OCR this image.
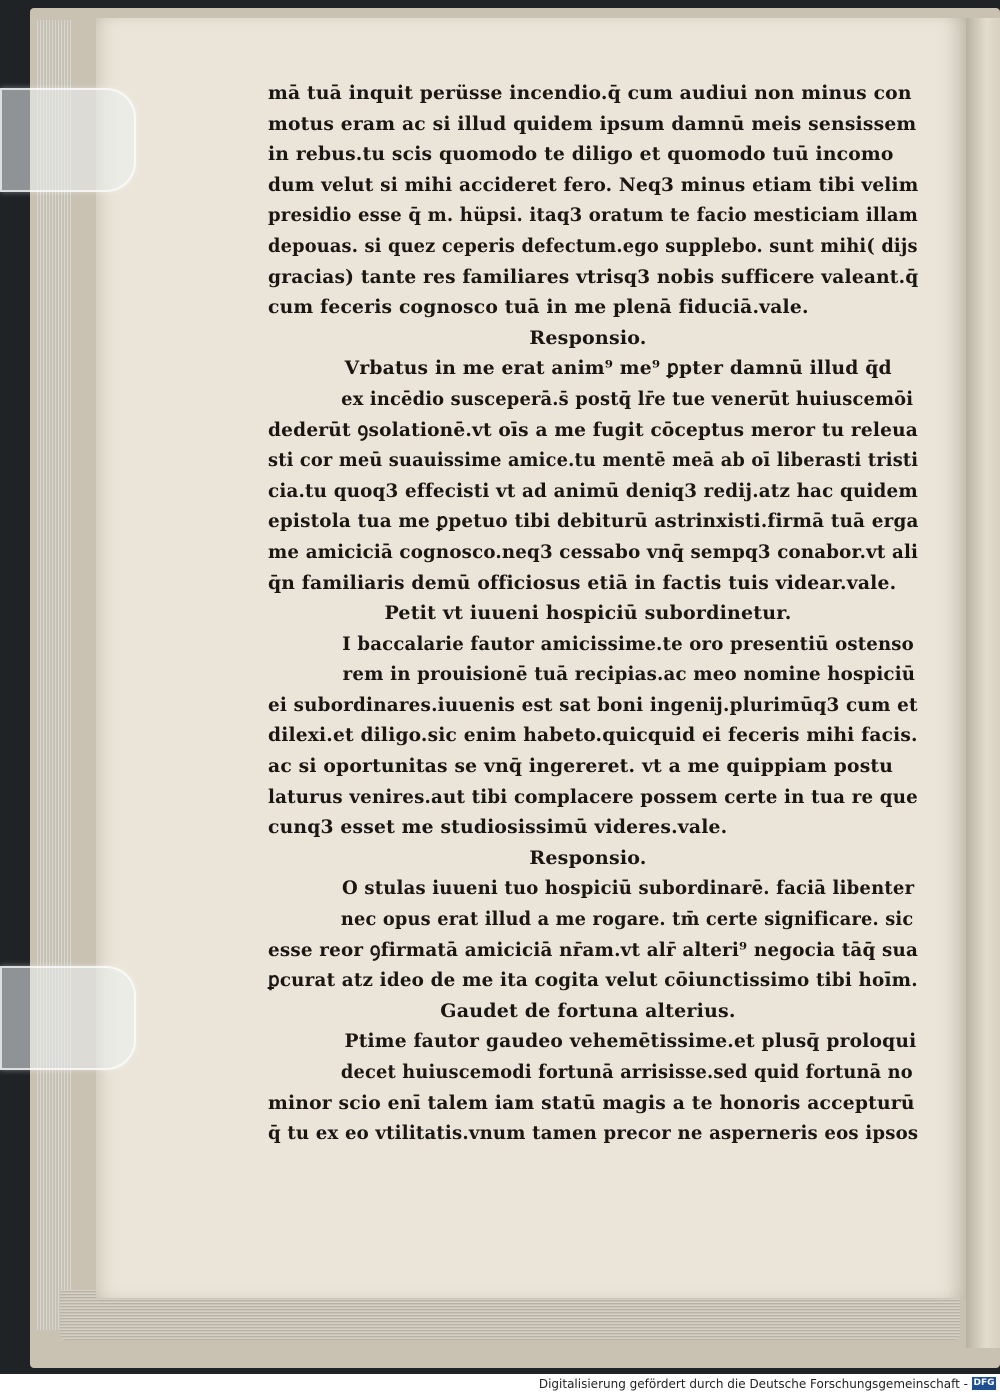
mā tuā inquit perüsse incendio.q̄ cum audiui non minus con
motus eram ac si illud quidem ipsum damnū meis sensissem
in rebus.tu scis quomodo te diligo et quomodo tuū incomo
dum velut si mihi accideret fero. Neq3 minus etiam tibi velim
presidio esse q̄ m. hüpsi. itaq3 oratum te facio mesticiam illam
depouas. si quez ceperis defectum.ego supplebo. sunt mihi( dijs
gracias) tante res familiares vtrisq3 nobis sufficere valeant.q̄
cum feceris cognosco tuā in me plenā fiduciā.vale.
Responsio.
Vrbatus in me erat anim⁹ me⁹ ꝑpter damnū illud q̄d
ex incēdio susceperā.s̄ postq̄ lr̄e tue venerūt huiuscemōi
dederūt ꝯsolationē.vt oīs a me fugit cōceptus meror tu releua
sti cor meū suauissime amice.tu mentē meā ab oī liberasti tristi
cia.tu quoq3 effecisti vt ad animū deniq3 redij.atz hac quidem
epistola tua me ꝑpetuo tibi debiturū astrinxisti.firmā tuā erga
me amiciciā cognosco.neq3 cessabo vnq̄ sempq3 conabor.vt ali
q̄n familiaris demū officiosus etiā in factis tuis videar.vale.
Petit vt iuueni hospiciū subordinetur.
I baccalarie fautor amicissime.te oro presentiū ostenso
rem in prouisionē tuā recipias.ac meo nomine hospiciū
ei subordinares.iuuenis est sat boni ingenij.plurimūq3 cum et
dilexi.et diligo.sic enim habeto.quicquid ei feceris mihi facis.
ac si oportunitas se vnq̄ ingereret. vt a me quippiam postu
laturus venires.aut tibi complacere possem certe in tua re que
cunq3 esset me studiosissimū videres.vale.
Responsio.
O stulas iuueni tuo hospiciū subordinarē. faciā libenter
nec opus erat illud a me rogare. tm̄ certe significare. sic
esse reor ꝯfirmatā amiciciā nr̄am.vt alr̄ alteri⁹ negocia tāq̄ sua
ꝑcurat atz ideo de me ita cogita velut cōiunctissimo tibi hoīm.
Gaudet de fortuna alterius.
Ptime fautor gaudeo vehemētissime.et plusq̄ proloqui
decet huiuscemodi fortunā arrisisse.sed quid fortunā no
minor scio enī talem iam statū magis a te honoris accepturū
q̄ tu ex eo vtilitatis.vnum tamen precor ne asperneris eos ipsos
Digitalisierung gefördert durch die Deutsche Forschungsgemeinschaft - DFG
